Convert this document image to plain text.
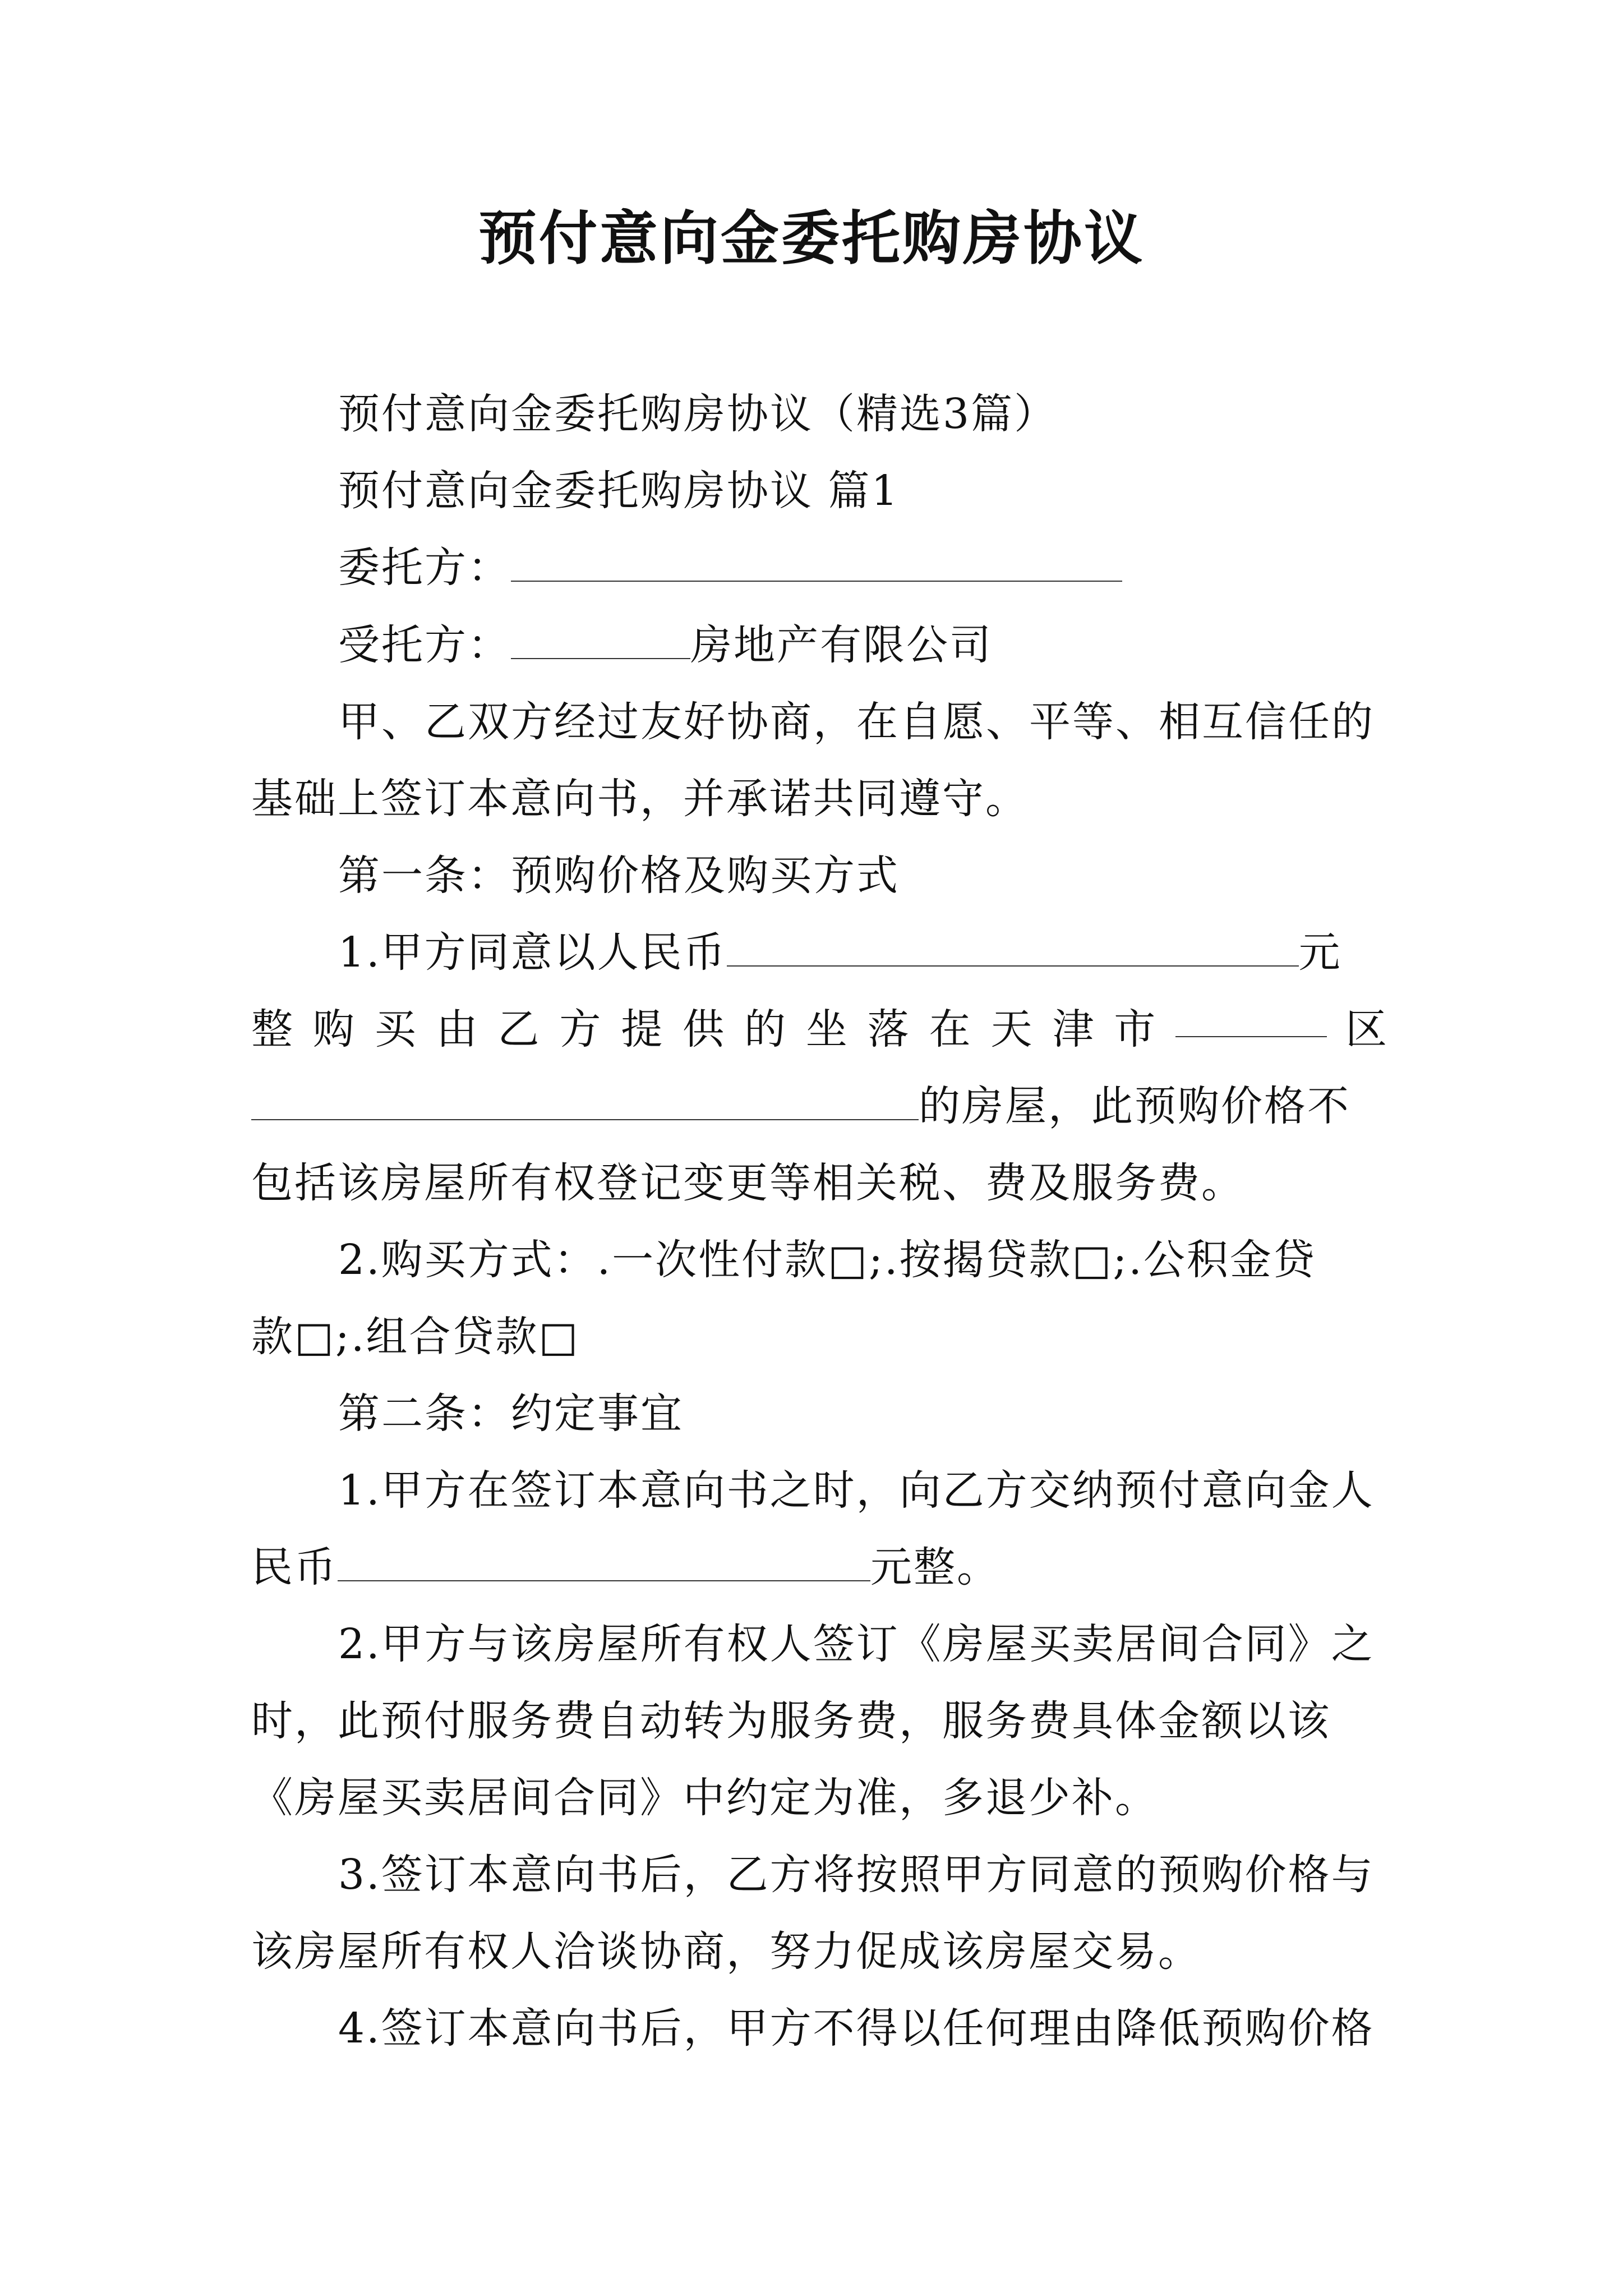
预付意向金委托购房协议
预付意向金委托购房协议（精选3篇）
预付意向金委托购房协议 篇1
委托方：
受托方：	房地产有限公司
甲、乙双方经过友好协商，在自愿、平等、相互信任的
基础上签订本意向书，并承诺共同遵守。
第一条：预购价格及购买方式
1.甲方同意以人民币	元
整 购 买 由 乙 方 提 供 的 坐 落 在 天 津 市	区
的房屋，此预购价格不
包括该房屋所有权登记变更等相关税、费及服务费。
2.购买方式：.一次性付款□;.按揭贷款□;.公积金贷
款□;.组合贷款□
第二条：约定事宜
1.甲方在签订本意向书之时，向乙方交纳预付意向金人
民币	元整。
2.甲方与该房屋所有权人签订《房屋买卖居间合同》之
时，此预付服务费自动转为服务费，服务费具体金额以该
《房屋买卖居间合同》中约定为准，多退少补。
3.签订本意向书后，乙方将按照甲方同意的预购价格与
该房屋所有权人洽谈协商，努力促成该房屋交易。
4.签订本意向书后，甲方不得以任何理由降低预购价格
